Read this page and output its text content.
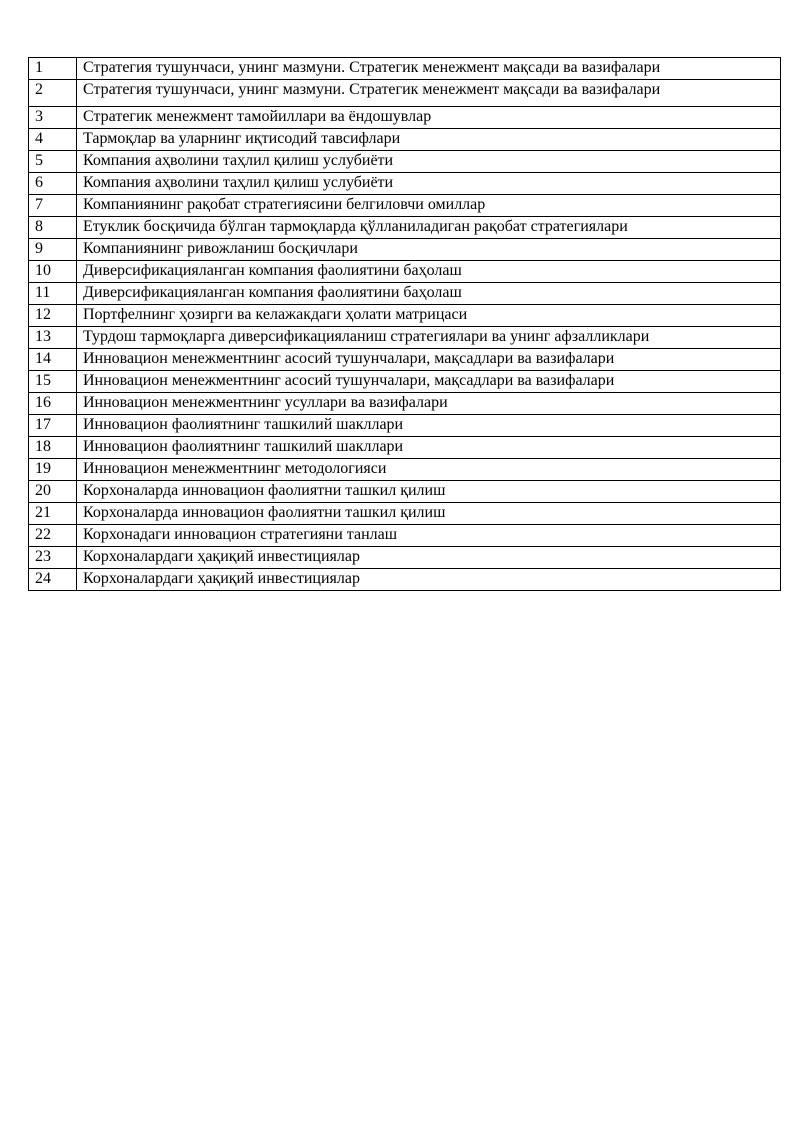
1	Стратегия тушунчаси, унинг мазмуни. Стратегик менежмент мақсади ва вазифалари
2	Стратегия тушунчаси, унинг мазмуни. Стратегик менежмент мақсади ва вазифалари
3	Стратегик менежмент тамойиллари ва ёндошувлар
4	Тармоқлар ва уларнинг иқтисодий тавсифлари
5	Компания аҳволини таҳлил қилиш услубиёти
6	Компания аҳволини таҳлил қилиш услубиёти
7	Компаниянинг рақобат стратегиясини белгиловчи омиллар
8	Етуклик босқичида бўлган тармоқларда қўлланиладиган рақобат стратегиялари
9	Компаниянинг ривожланиш босқичлари
10	Диверсификацияланган компания фаолиятини баҳолаш
11	Диверсификацияланган компания фаолиятини баҳолаш
12	Портфелнинг ҳозирги ва келажакдаги ҳолати матрицаси
13	Турдош тармоқларга диверсификацияланиш стратегиялари ва унинг афзалликлари
14	Инновацион менежментнинг асосий тушунчалари, мақсадлари ва вазифалари
15	Инновацион менежментнинг асосий тушунчалари, мақсадлари ва вазифалари
16	Инновацион менежментнинг усуллари ва вазифалари
17	Инновацион фаолиятнинг ташкилий шакллари
18	Инновацион фаолиятнинг ташкилий шакллари
19	Инновацион менежментнинг методологияси
20	Корхоналарда инновацион фаолиятни ташкил қилиш
21	Корхоналарда инновацион фаолиятни ташкил қилиш
22	Корхонадаги инновацион стратегияни танлаш
23	Корхоналардаги ҳақиқий инвестициялар
24	Корхоналардаги ҳақиқий инвестициялар
